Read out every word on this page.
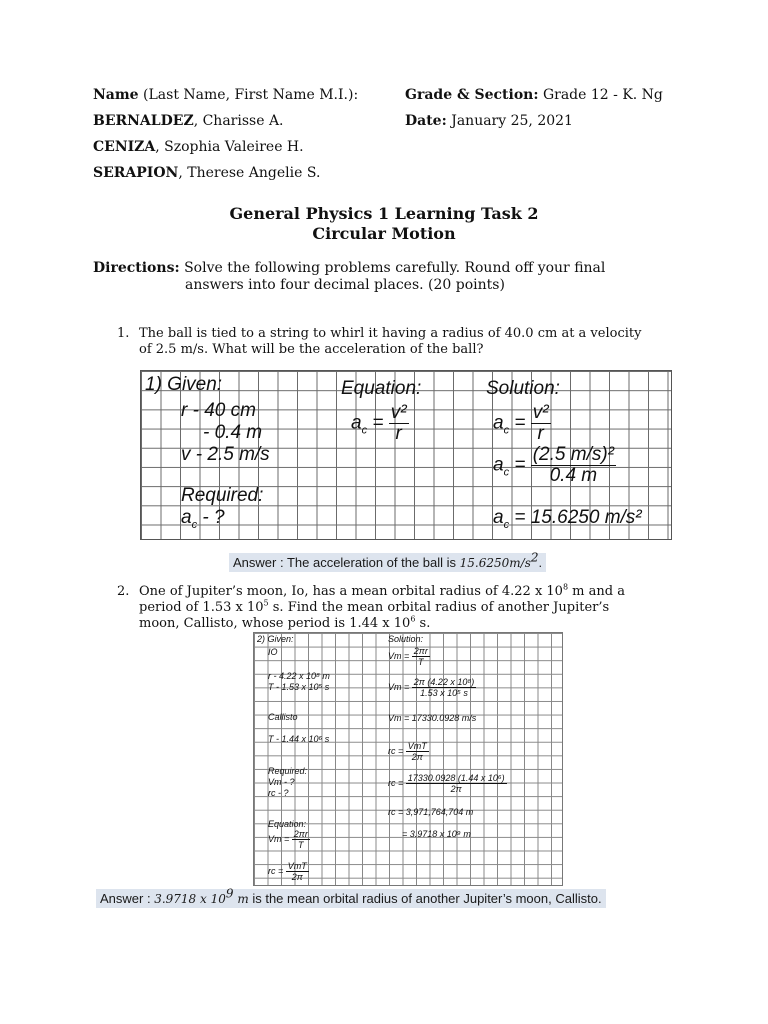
Name (Last Name, First Name M.I.):	Grade & Section: Grade 12 - K. Ng
BERNALDEZ, Charisse A.	Date: January 25, 2021
CENIZA, Szophia Valeiree H.
SERAPION, Therese Angelie S.
General Physics 1 Learning Task 2
Circular Motion
Directions: Solve the following problems carefully. Round off your final
answers into four decimal places. (20 points)
1. The ball is tied to a string to whirl it having a radius of 40.0 cm at a velocity
of 2.5 m/s. What will be the acceleration of the ball?
1) Given:
r - 40 cm
- 0.4 m
v - 2.5 m/s
Required:
$a_c$ - ?
Equation:
$a_c = \frac{\text{v²}}{r}$
Solution:
$a_c = \frac{\text{v²}}{r}$
$a_c = \frac{\text{(2.5 m/s)²}}{0.4 m}$
$a_c = 15.6250$ m/s²
Answer : The acceleration of the ball is $15.6250m/s^2$.
2. One of Jupiter’s moon, Io, has a mean orbital radius of 4.22 x $10^8$ m and a
period of 1.53 x $10^5$ s. Find the mean orbital radius of another Jupiter’s
moon, Callisto, whose period is 1.44 x $10^6$ s.
2) Given:
IO
r - 4.22 x 10⁸ m
T - 1.53 x 10⁵ s
Callisto
T - 1.44 x 10⁶ s
Required:
Vт - ?
rc - ?
Equation:
Vт = $\frac{2\pi r}{T}$
rc = $\frac{\text{VтT}}{2\pi}$
Solution:
Vт = $\frac{2\pi r}{T}$
Vт = $\frac{\text{2π (4.22 x 10⁸)}}{\text{1.53 x 10⁵ s}}$
Vт = 17330.0928 m/s
rc = $\frac{\text{VтT}}{2\pi}$
rc = $\frac{\text{17330.0928 (1.44 x 10⁶)}}{2\pi}$
rc = 3,971,764,704 m
= 3.9718 x 10⁹ m
Answer : 3.9718 x $10^9$ m is the mean orbital radius of another Jupiter’s moon, Callisto.
